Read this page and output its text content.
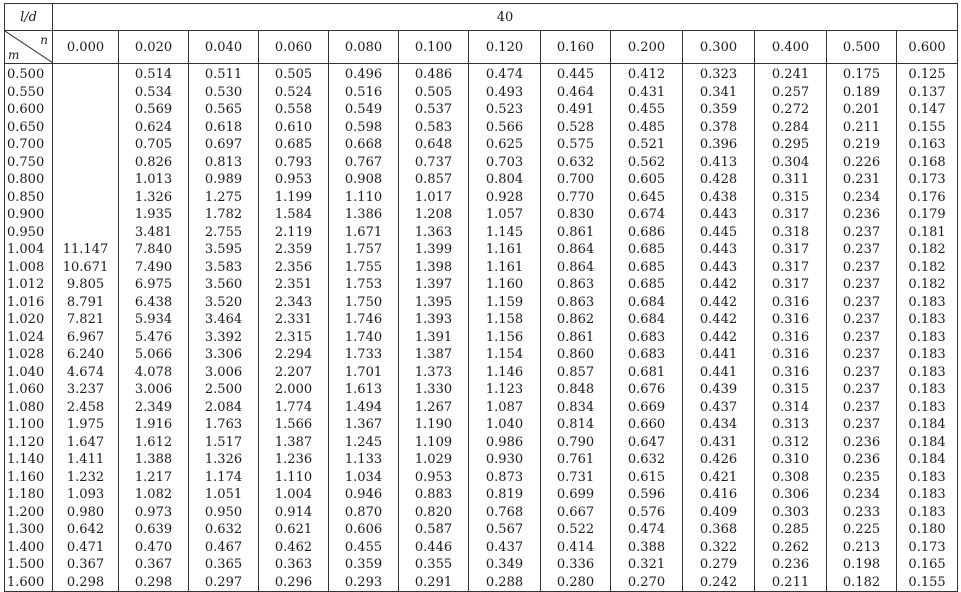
l/d	40												

n
m	0.000	0.020	0.040	0.060	0.080	0.100	0.120	0.160	0.200	0.300	0.400	0.500	0.600
0.500		0.514	0.511	0.505	0.496	0.486	0.474	0.445	0.412	0.323	0.241	0.175	0.125
0.550		0.534	0.530	0.524	0.516	0.505	0.493	0.464	0.431	0.341	0.257	0.189	0.137
0.600		0.569	0.565	0.558	0.549	0.537	0.523	0.491	0.455	0.359	0.272	0.201	0.147
0.650		0.624	0.618	0.610	0.598	0.583	0.566	0.528	0.485	0.378	0.284	0.211	0.155
0.700		0.705	0.697	0.685	0.668	0.648	0.625	0.575	0.521	0.396	0.295	0.219	0.163
0.750		0.826	0.813	0.793	0.767	0.737	0.703	0.632	0.562	0.413	0.304	0.226	0.168
0.800		1.013	0.989	0.953	0.908	0.857	0.804	0.700	0.605	0.428	0.311	0.231	0.173
0.850		1.326	1.275	1.199	1.110	1.017	0.928	0.770	0.645	0.438	0.315	0.234	0.176
0.900		1.935	1.782	1.584	1.386	1.208	1.057	0.830	0.674	0.443	0.317	0.236	0.179
0.950		3.481	2.755	2.119	1.671	1.363	1.145	0.861	0.686	0.445	0.318	0.237	0.181
1.004	11.147	7.840	3.595	2.359	1.757	1.399	1.161	0.864	0.685	0.443	0.317	0.237	0.182
1.008	10.671	7.490	3.583	2.356	1.755	1.398	1.161	0.864	0.685	0.443	0.317	0.237	0.182
1.012	9.805	6.975	3.560	2.351	1.753	1.397	1.160	0.863	0.685	0.442	0.317	0.237	0.182
1.016	8.791	6.438	3.520	2.343	1.750	1.395	1.159	0.863	0.684	0.442	0.316	0.237	0.183
1.020	7.821	5.934	3.464	2.331	1.746	1.393	1.158	0.862	0.684	0.442	0.316	0.237	0.183
1.024	6.967	5.476	3.392	2.315	1.740	1.391	1.156	0.861	0.683	0.442	0.316	0.237	0.183
1.028	6.240	5.066	3.306	2.294	1.733	1.387	1.154	0.860	0.683	0.441	0.316	0.237	0.183
1.040	4.674	4.078	3.006	2.207	1.701	1.373	1.146	0.857	0.681	0.441	0.316	0.237	0.183
1.060	3.237	3.006	2.500	2.000	1.613	1.330	1.123	0.848	0.676	0.439	0.315	0.237	0.183
1.080	2.458	2.349	2.084	1.774	1.494	1.267	1.087	0.834	0.669	0.437	0.314	0.237	0.183
1.100	1.975	1.916	1.763	1.566	1.367	1.190	1.040	0.814	0.660	0.434	0.313	0.237	0.184
1.120	1.647	1.612	1.517	1.387	1.245	1.109	0.986	0.790	0.647	0.431	0.312	0.236	0.184
1.140	1.411	1.388	1.326	1.236	1.133	1.029	0.930	0.761	0.632	0.426	0.310	0.236	0.184
1.160	1.232	1.217	1.174	1.110	1.034	0.953	0.873	0.731	0.615	0.421	0.308	0.235	0.183
1.180	1.093	1.082	1.051	1.004	0.946	0.883	0.819	0.699	0.596	0.416	0.306	0.234	0.183
1.200	0.980	0.973	0.950	0.914	0.870	0.820	0.768	0.667	0.576	0.409	0.303	0.233	0.183
1.300	0.642	0.639	0.632	0.621	0.606	0.587	0.567	0.522	0.474	0.368	0.285	0.225	0.180
1.400	0.471	0.470	0.467	0.462	0.455	0.446	0.437	0.414	0.388	0.322	0.262	0.213	0.173
1.500	0.367	0.367	0.365	0.363	0.359	0.355	0.349	0.336	0.321	0.279	0.236	0.198	0.165
1.600	0.298	0.298	0.297	0.296	0.293	0.291	0.288	0.280	0.270	0.242	0.211	0.182	0.155
